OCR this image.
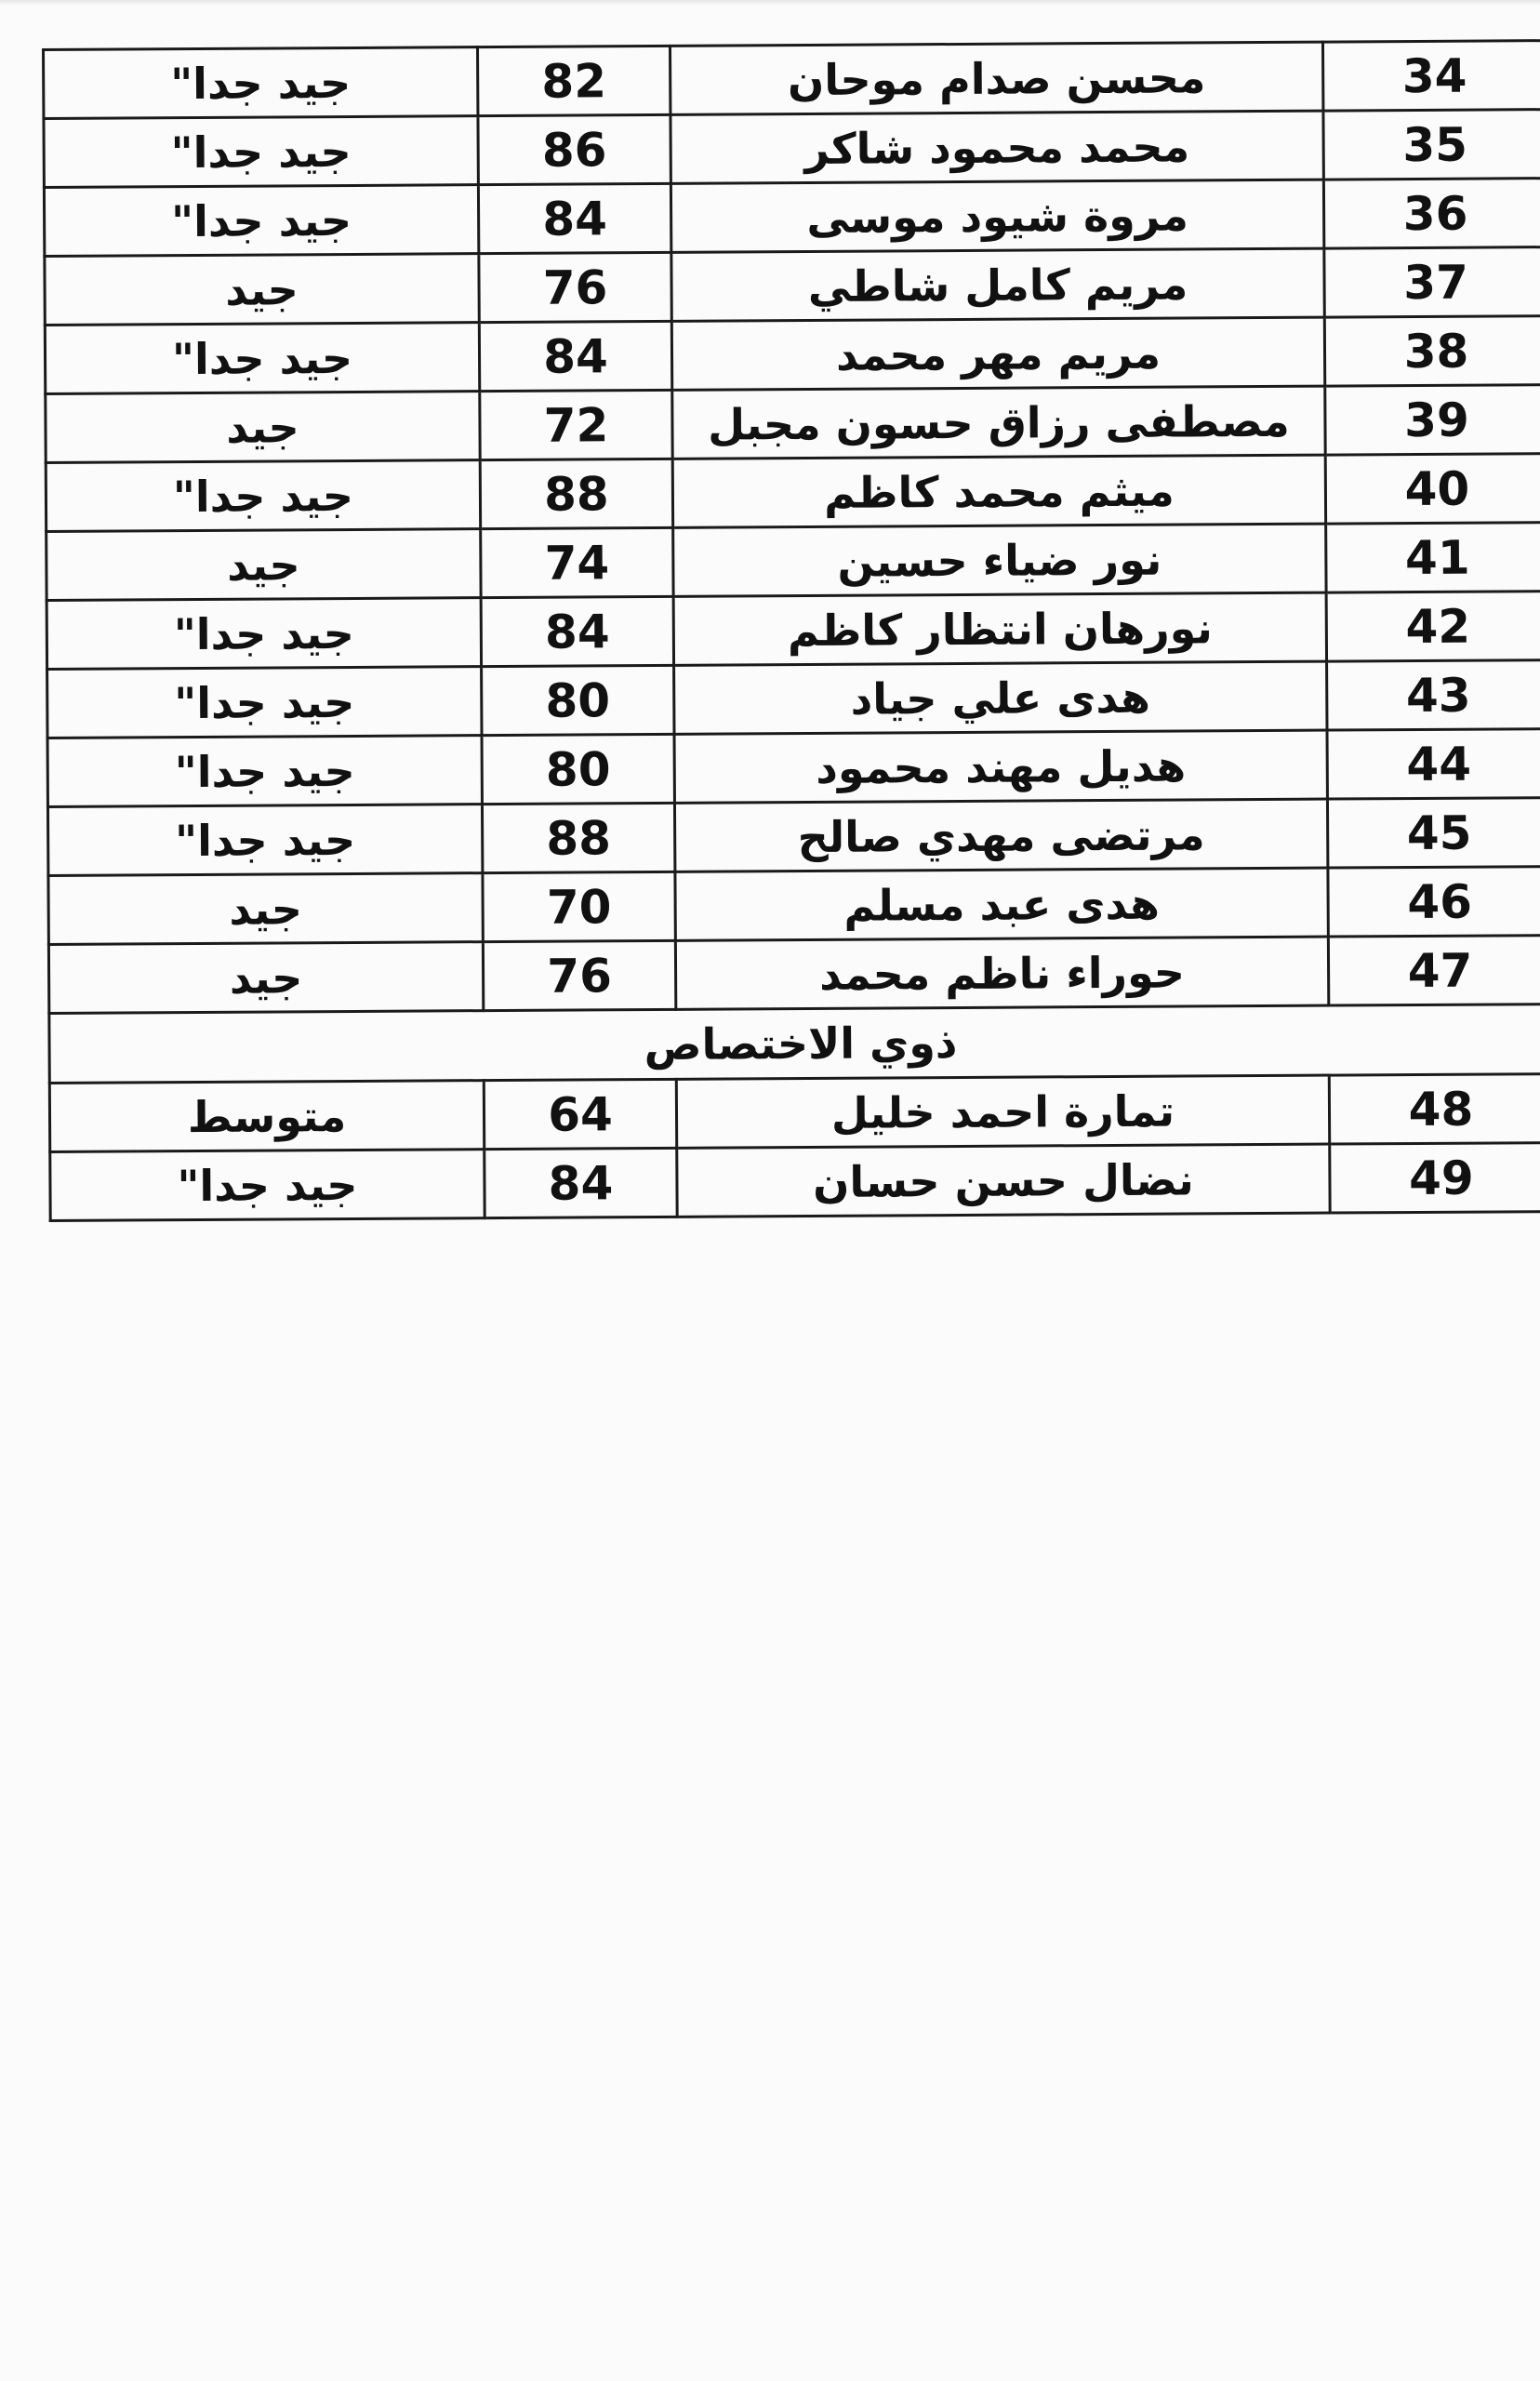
جيد جدا"	82	محسن صدام موحان	34
جيد جدا"	86	محمد محمود شاكر	35
جيد جدا"	84	مروة شيود موسى	36
جيد	76	مريم كامل شاطي	37
جيد جدا"	84	مريم مهر محمد	38
جيد	72	مصطفى رزاق حسون مجبل	39
جيد جدا"	88	ميثم محمد كاظم	40
جيد	74	نور ضياء حسين	41
جيد جدا"	84	نورهان انتظار كاظم	42
جيد جدا"	80	هدى علي جياد	43
جيد جدا"	80	هديل مهند محمود	44
جيد جدا"	88	مرتضى مهدي صالح	45
جيد	70	هدى عبد مسلم	46
جيد	76	حوراء ناظم محمد	47
ذوي الاختصاص			
متوسط	64	تمارة احمد خليل	48
جيد جدا"	84	نضال حسن حسان	49
